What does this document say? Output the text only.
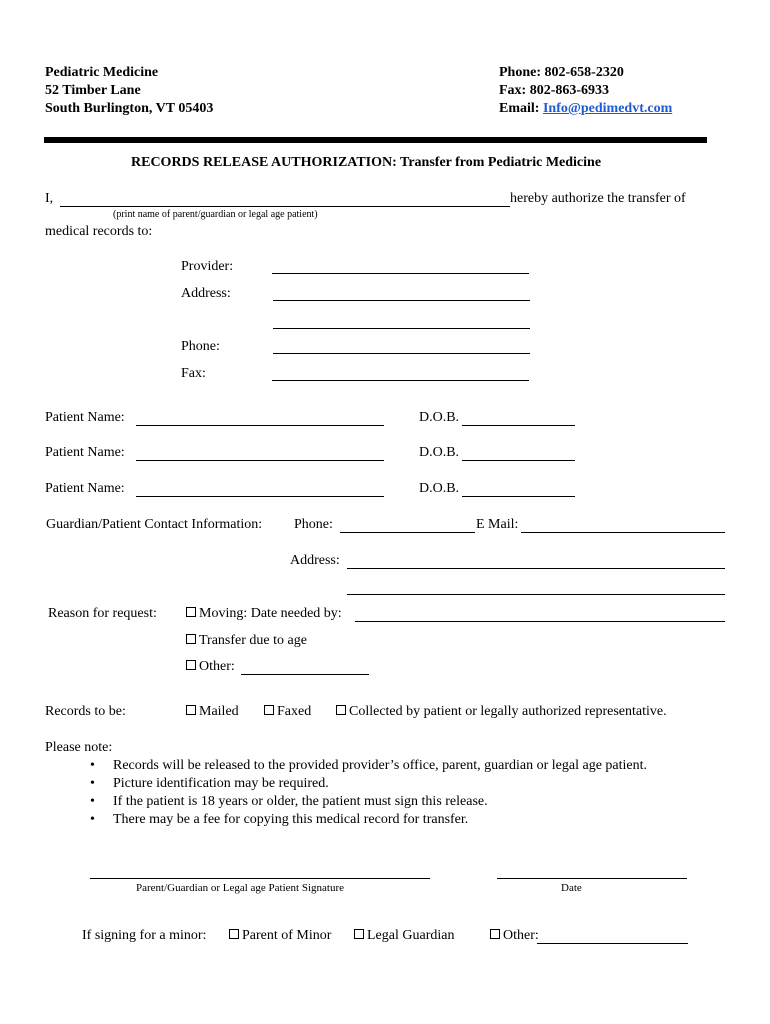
Pediatric Medicine
52 Timber Lane
South Burlington, VT 05403
Phone: 802-658-2320
Fax: 802-863-6933
Email: Info@pedimedvt.com
RECORDS RELEASE AUTHORIZATION: Transfer from Pediatric Medicine
I,	hereby authorize the transfer of
(print name of parent/guardian or legal age patient)
medical records to:
Provider:
Address:
Phone:
Fax:
Patient Name:	D.O.B.
Patient Name:	D.O.B.
Patient Name:	D.O.B.
Guardian/Patient Contact Information: Phone:	E Mail:
Address:
Reason for request:	Moving: Date needed by:
Transfer due to age
Other:
Records to be:	Mailed	Faxed	Collected by patient or legally authorized representative.
Please note:
• Records will be released to the provided provider’s office, parent, guardian or legal age patient.
• Picture identification may be required.
• If the patient is 18 years or older, the patient must sign this release.
• There may be a fee for copying this medical record for transfer.
Parent/Guardian or Legal age Patient Signature	Date
If signing for a minor:	Parent of Minor	Legal Guardian	Other:
